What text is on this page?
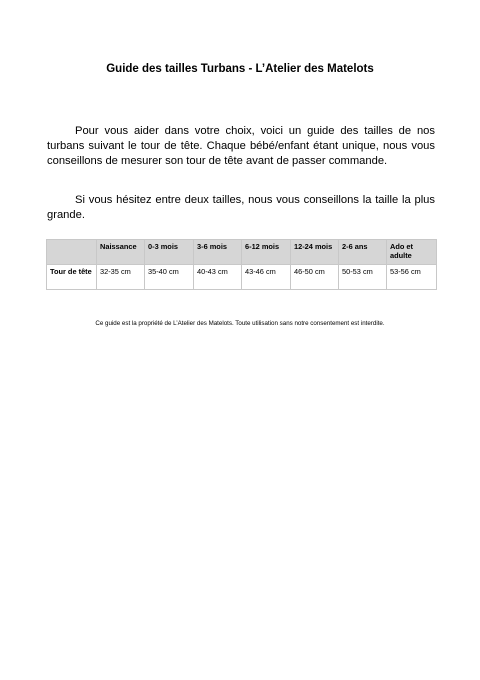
Guide des tailles Turbans - L’Atelier des Matelots

Pour vous aider dans votre choix, voici un guide des tailles de nos turbans suivant le tour de tête. Chaque bébé/enfant étant unique, nous vous conseillons de mesurer son tour de tête avant de passer commande.

Si vous hésitez entre deux tailles, nous vous conseillons la taille la plus grande.

	Naissance	0-3 mois	3-6 mois	6-12 mois	12-24 mois	2-6 ans	Ado et adulte
Tour de tête	32-35 cm	35-40 cm	40-43 cm	43-46 cm	46-50 cm	50-53 cm	53-56 cm
Ce guide est la propriété de L’Atelier des Matelots. Toute utilisation sans notre consentement est interdite.
